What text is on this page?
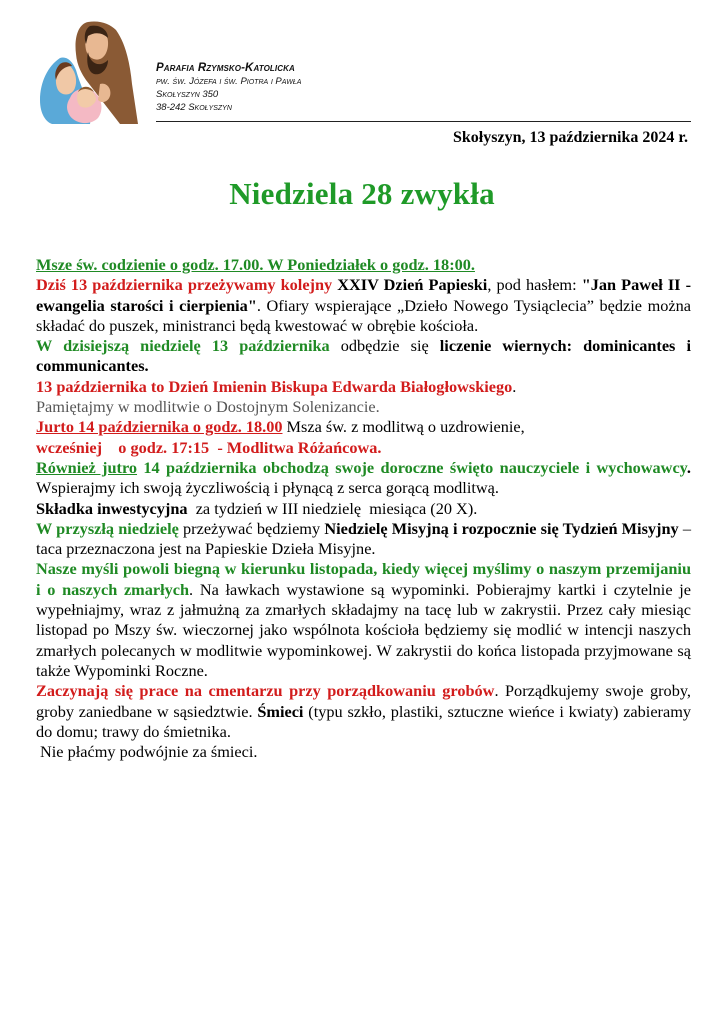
Parafia Rzymsko-Katolicka
pw. św. Józefa i św. Piotra i Pawła
Skołyszyn 350
38-242 Skołyszyn
Skołyszyn, 13 października 2024 r.
Niedziela 28 zwykła

Msze św. codzienie o godz. 17.00. W Poniedziałek o godz. 18:00.

Dziś 13 października przeżywamy kolejny XXIV Dzień Papieski, pod hasłem: "Jan Paweł II - ewangelia starości i cierpienia". Ofiary wspierające „Dzieło Nowego Tysiąclecia” będzie można składać do puszek, ministranci będą kwestować w obrębie kościoła.

W dzisiejszą niedzielę 13 października odbędzie się liczenie wiernych: dominicantes i communicantes.

13 października to Dzień Imienin Biskupa Edwarda Białogłowskiego.
Pamiętajmy w modlitwie o Dostojnym Solenizancie.

Jurto 14 października o godz. 18.00 Msza św. z modlitwą o uzdrowienie,
wcześniej    o godz. 17:15  - Modlitwa Różańcowa.

Również jutro 14 października obchodzą swoje doroczne święto nauczyciele i wychowawcy. Wspierajmy ich swoją życzliwością i płynącą z serca gorącą modlitwą.

Składka inwestycyjna  za tydzień w III niedzielę  miesiąca (20 X).

W przyszłą niedzielę przeżywać będziemy Niedzielę Misyjną i rozpocznie się Tydzień Misyjny – taca przeznaczona jest na Papieskie Dzieła Misyjne.

Nasze myśli powoli biegną w kierunku listopada, kiedy więcej myślimy o naszym przemijaniu i o naszych zmarłych. Na ławkach wystawione są wypominki. Pobierajmy kartki i czytelnie je wypełniajmy, wraz z jałmużną za zmarłych składajmy na tacę lub w zakrystii. Przez cały miesiąc listopad po Mszy św. wieczornej jako wspólnota kościoła będziemy się modlić w intencji naszych zmarłych polecanych w modlitwie wypominkowej. W zakrystii do końca listopada przyjmowane są także Wypominki Roczne.

Zaczynają się prace na cmentarzu przy porządkowaniu grobów. Porządkujemy swoje groby, groby zaniedbane w sąsiedztwie. Śmieci (typu szkło, plastiki, sztuczne wieńce i kwiaty) zabieramy do domu; trawy do śmietnika.

Nie płaćmy podwójnie za śmieci.
